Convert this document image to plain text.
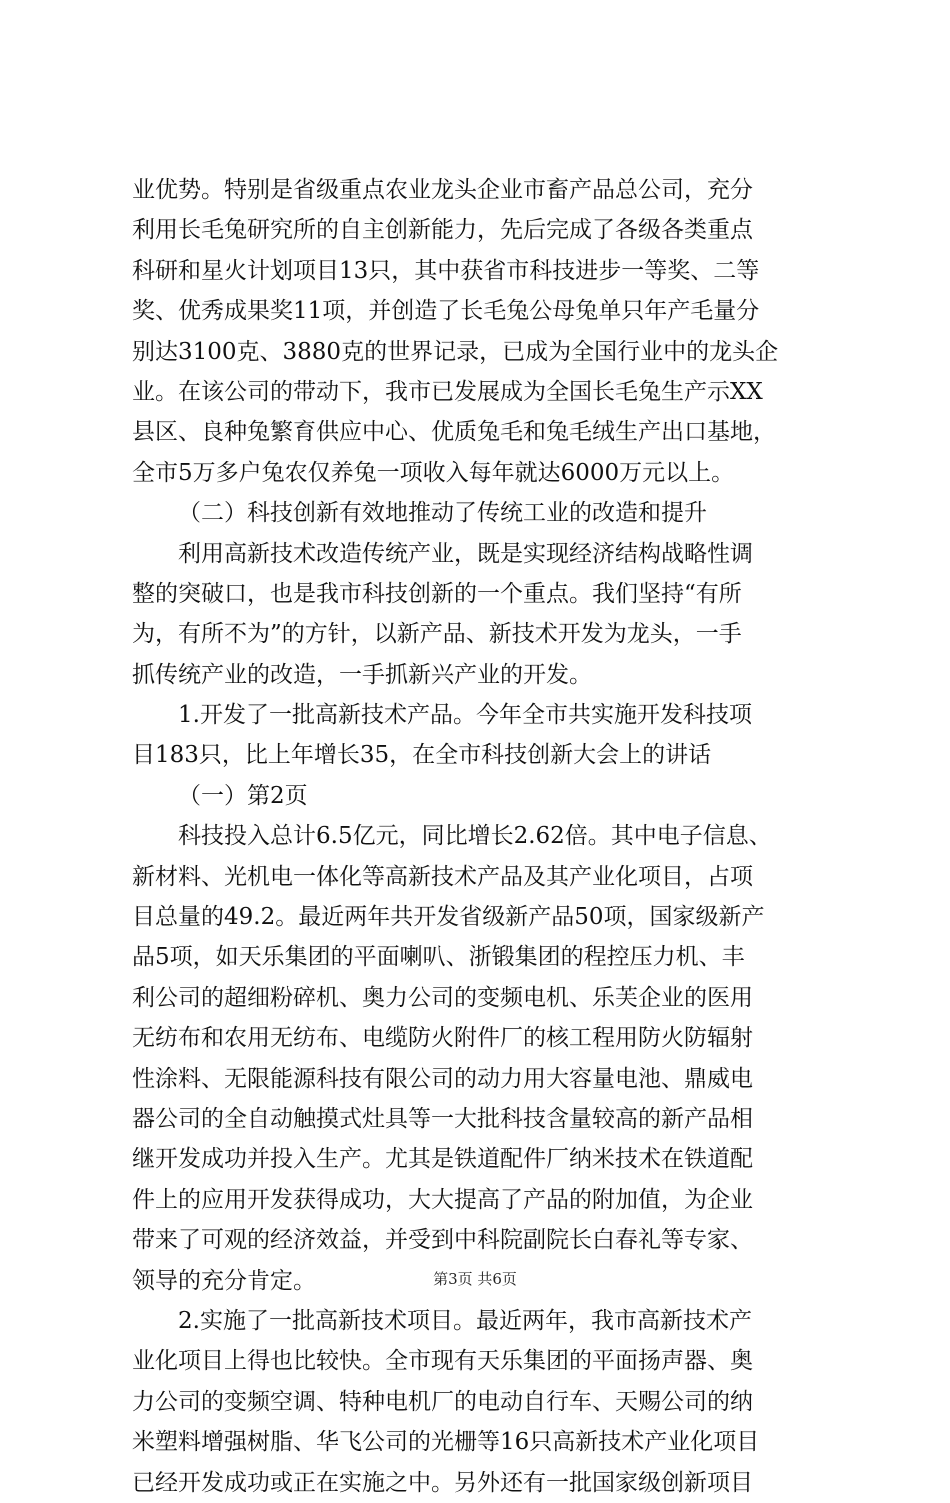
业优势。特别是省级重点农业龙头企业市畜产品总公司，充分
利用长毛兔研究所的自主创新能力，先后完成了各级各类重点
科研和星火计划项目13只，其中获省市科技进步一等奖、二等
奖、优秀成果奖11项，并创造了长毛兔公母兔单只年产毛量分
别达3100克、3880克的世界记录，已成为全国行业中的龙头企
业。在该公司的带动下，我市已发展成为全国长毛兔生产示XX
县区、良种兔繁育供应中心、优质兔毛和兔毛绒生产出口基地，
全市5万多户兔农仅养兔一项收入每年就达6000万元以上。
（二）科技创新有效地推动了传统工业的改造和提升
利用高新技术改造传统产业，既是实现经济结构战略性调
整的突破口，也是我市科技创新的一个重点。我们坚持“有所
为，有所不为”的方针，以新产品、新技术开发为龙头，一手
抓传统产业的改造，一手抓新兴产业的开发。
1.开发了一批高新技术产品。今年全市共实施开发科技项
目183只，比上年增长35，在全市科技创新大会上的讲话
（一）第2页
科技投入总计6.5亿元，同比增长2.62倍。其中电子信息、
新材料、光机电一体化等高新技术产品及其产业化项目，占项
目总量的49.2。最近两年共开发省级新产品50项，国家级新产
品5项，如天乐集团的平面喇叭、浙锻集团的程控压力机、丰
利公司的超细粉碎机、奥力公司的变频电机、乐芙企业的医用
无纺布和农用无纺布、电缆防火附件厂的核工程用防火防辐射
性涂料、无限能源科技有限公司的动力用大容量电池、鼎威电
器公司的全自动触摸式灶具等一大批科技含量较高的新产品相
继开发成功并投入生产。尤其是铁道配件厂纳米技术在铁道配
件上的应用开发获得成功，大大提高了产品的附加值，为企业
带来了可观的经济效益，并受到中科院副院长白春礼等专家、
领导的充分肯定。
2.实施了一批高新技术项目。最近两年，我市高新技术产
业化项目上得也比较快。全市现有天乐集团的平面扬声器、奥
力公司的变频空调、特种电机厂的电动自行车、天赐公司的纳
米塑料增强树脂、华飞公司的光栅等16只高新技术产业化项目
已经开发成功或正在实施之中。另外还有一批国家级创新项目
第3页 共6页
